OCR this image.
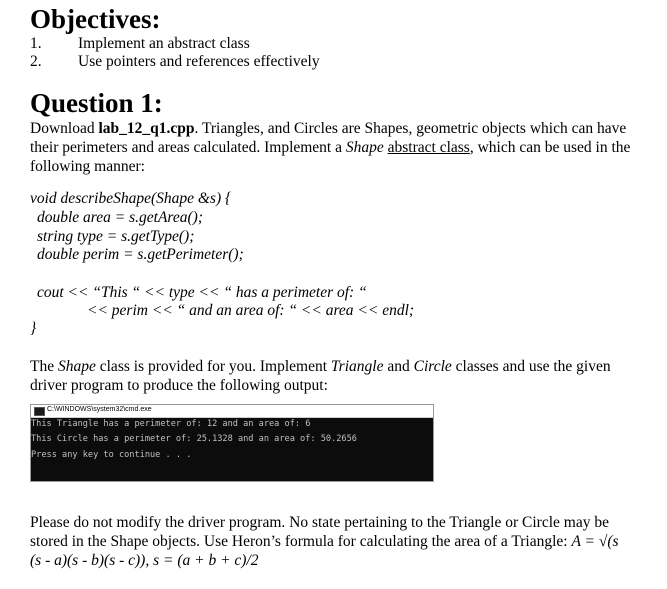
Objectives:
1. Implement an abstract class
2. Use pointers and references effectively
Question 1:
Download lab_12_q1.cpp. Triangles, and Circles are Shapes, geometric objects which can have
their perimeters and areas calculated. Implement a Shape abstract class, which can be used in the
following manner:
void describeShape(Shape &s) {
double area = s.getArea();
string type = s.getType();
double perim = s.getPerimeter();
cout << “This “ << type << “ has a perimeter of: “
<< perim << “ and an area of: “ << area << endl;
}
The Shape class is provided for you. Implement Triangle and Circle classes and use the given
driver program to produce the following output:
C:\WINDOWS\system32\cmd.exe
This Triangle has a perimeter of: 12 and an area of: 6
This Circle has a perimeter of: 25.1328 and an area of: 50.2656
Press any key to continue . . .
Please do not modify the driver program. No state pertaining to the Triangle or Circle may be
stored in the Shape objects. Use Heron’s formula for calculating the area of a Triangle: A = √(s
(s - a)(s - b)(s - c)), s = (a + b + c)/2
